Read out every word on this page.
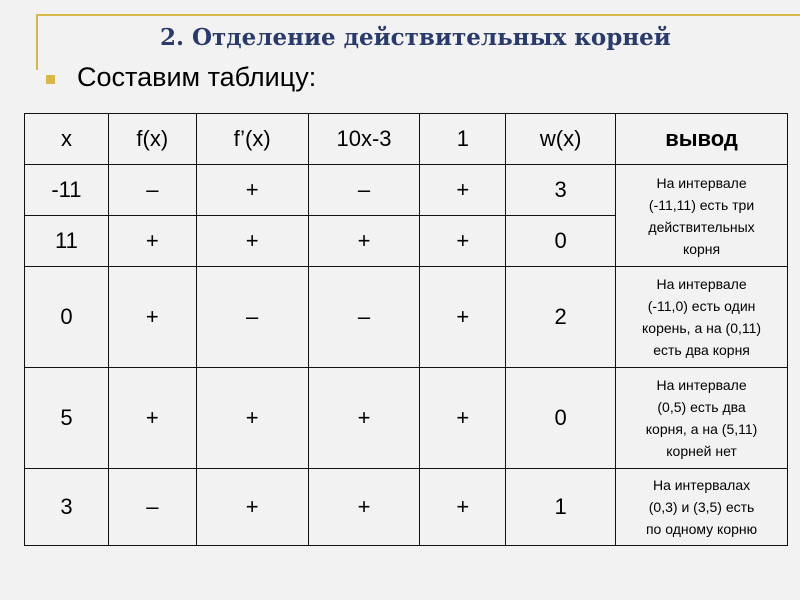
2. Отделение действительных корней
Составим таблицу:
x	f(x)	f’(x)	10x-3	1	w(x)	вывод
-11	–	+	–	+	3	На интервале
(-11,11) есть три
действительных
корня

11	+	+	+	+	0	
0	+	–	–	+	2	На интервале
(-11,0) есть один
корень, а на (0,11)
есть два корня

5	+	+	+	+	0	На интервале
(0,5) есть два
корня, а на (5,11)
корней нет

3	–	+	+	+	1	На интервалах
(0,3) и (3,5) есть
по одному корню
